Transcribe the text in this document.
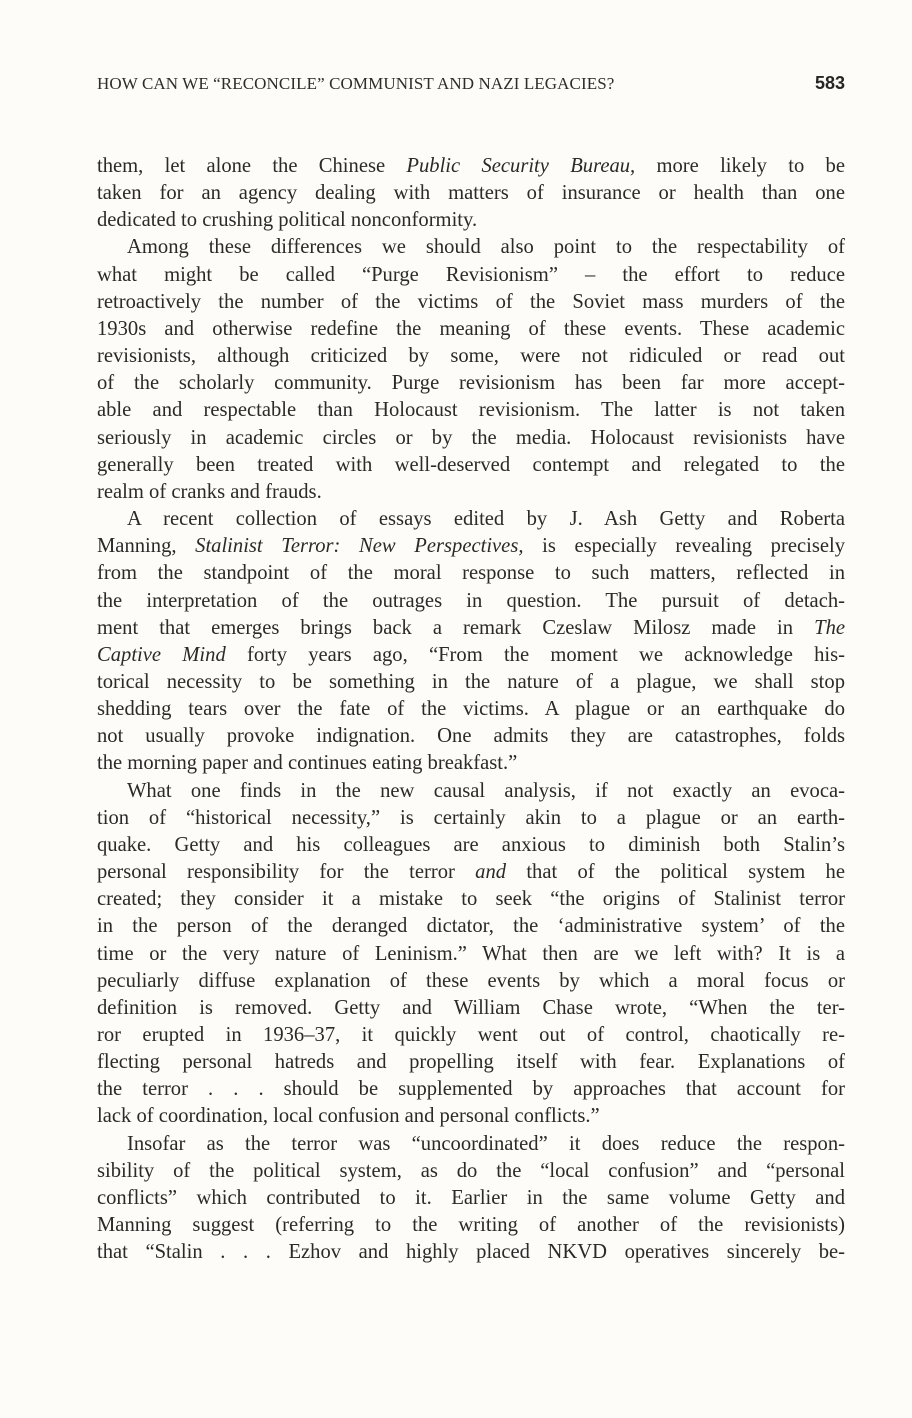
HOW CAN WE “RECONCILE” COMMUNIST AND NAZI LEGACIES?	583
them, let alone the Chinese Public Security Bureau, more likely to be
taken for an agency dealing with matters of insurance or health than one
dedicated to crushing political nonconformity.
Among these differences we should also point to the respectability of
what might be called “Purge Revisionism” – the effort to reduce
retroactively the number of the victims of the Soviet mass murders of the
1930s and otherwise redefine the meaning of these events. These academic
revisionists, although criticized by some, were not ridiculed or read out
of the scholarly community. Purge revisionism has been far more accept-
able and respectable than Holocaust revisionism. The latter is not taken
seriously in academic circles or by the media. Holocaust revisionists have
generally been treated with well-deserved contempt and relegated to the
realm of cranks and frauds.
A recent collection of essays edited by J. Ash Getty and Roberta
Manning, Stalinist Terror: New Perspectives, is especially revealing precisely
from the standpoint of the moral response to such matters, reflected in
the interpretation of the outrages in question. The pursuit of detach-
ment that emerges brings back a remark Czeslaw Milosz made in The
Captive Mind forty years ago, “From the moment we acknowledge his-
torical necessity to be something in the nature of a plague, we shall stop
shedding tears over the fate of the victims. A plague or an earthquake do
not usually provoke indignation. One admits they are catastrophes, folds
the morning paper and continues eating breakfast.”
What one finds in the new causal analysis, if not exactly an evoca-
tion of “historical necessity,” is certainly akin to a plague or an earth-
quake. Getty and his colleagues are anxious to diminish both Stalin’s
personal responsibility for the terror and that of the political system he
created; they consider it a mistake to seek “the origins of Stalinist terror
in the person of the deranged dictator, the ‘administrative system’ of the
time or the very nature of Leninism.” What then are we left with? It is a
peculiarly diffuse explanation of these events by which a moral focus or
definition is removed. Getty and William Chase wrote, “When the ter-
ror erupted in 1936–37, it quickly went out of control, chaotically re-
flecting personal hatreds and propelling itself with fear. Explanations of
the terror . . . should be supplemented by approaches that account for
lack of coordination, local confusion and personal conflicts.”
Insofar as the terror was “uncoordinated” it does reduce the respon-
sibility of the political system, as do the “local confusion” and “personal
conflicts” which contributed to it. Earlier in the same volume Getty and
Manning suggest (referring to the writing of another of the revisionists)
that “Stalin . . . Ezhov and highly placed NKVD operatives sincerely be-
